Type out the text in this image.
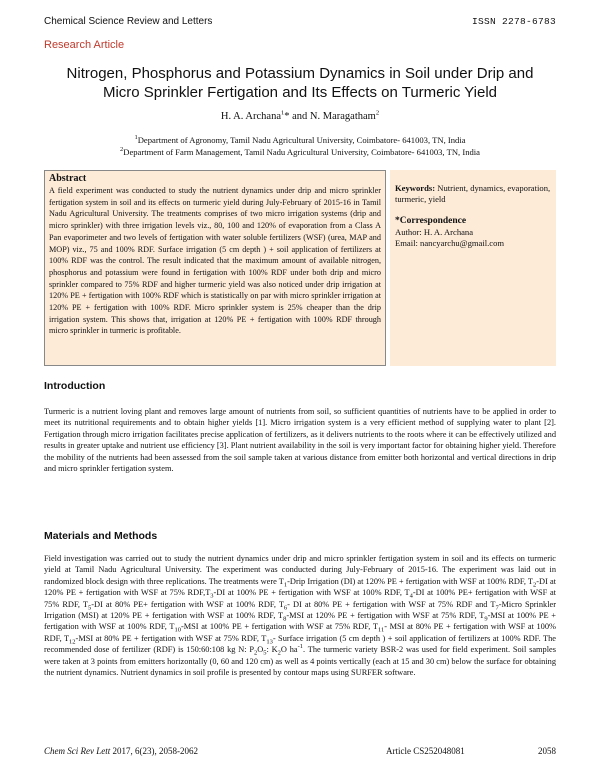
Chemical Science Review and Letters	ISSN 2278-6783
Research Article
Nitrogen, Phosphorus and Potassium Dynamics in Soil under Drip and
Micro Sprinkler Fertigation and Its Effects on Turmeric Yield
H. A. Archana$^1$* and N. Maragatham$^2$
$^1$Department of Agronomy, Tamil Nadu Agricultural University, Coimbatore- 641003, TN, India
$^2$Department of Farm Management, Tamil Nadu Agricultural University, Coimbatore- 641003, TN, India
Abstract

A field experiment was conducted to study the nutrient dynamics under drip and micro sprinkler fertigation system in soil and its effects on turmeric yield during July-February of 2015-16 in Tamil Nadu Agricultural University. The treatments comprises of two micro irrigation systems (drip and micro sprinkler) with three irrigation levels viz., 80, 100 and 120% of evaporation from a Class A Pan evaporimeter and two levels of fertigation with water soluble fertilizers (WSF) (urea, MAP and MOP) viz., 75 and 100% RDF. Surface irrigation (5 cm depth ) + soil application of fertilizers at 100% RDF was the control. The result indicated that the maximum amount of available nitrogen, phosphorus and potassium were found in fertigation with 100% RDF under both drip and micro sprinkler compared to 75% RDF and higher turmeric yield was also noticed under drip irrigation at 120% PE + fertigation with 100% RDF which is statistically on par with micro sprinkler irrigation at 120% PE + fertigation with 100% RDF. Micro sprinkler system is 25% cheaper than the drip irrigation system. This shows that, irrigation at 120% PE + fertigation with 100% RDF through micro sprinkler in turmeric is profitable.

Keywords: Nutrient, dynamics, evaporation, turmeric, yield
*Correspondence
Author: H. A. Archana
Email: nancyarchu@gmail.com
Introduction

Turmeric is a nutrient loving plant and removes large amount of nutrients from soil, so sufficient quantities of nutrients have to be applied in order to meet its nutritional requirements and to obtain higher yields [1]. Micro irrigation system is a very efficient method of supplying water to plant [2]. Fertigation through micro irrigation facilitates precise application of fertilizers, as it delivers nutrients to the roots where it can be effectively utilized and results in greater uptake and nutrient use efficiency [3]. Plant nutrient availability in the soil is very important factor for obtaining higher yield. Therefore the mobility of the nutrients had been assessed from the soil sample taken at various distance from emitter both horizontal and vertical directions in drip and micro sprinkler fertigation system.

Materials and Methods

Field investigation was carried out to study the nutrient dynamics under drip and micro sprinkler fertigation system in soil and its effects on turmeric yield at Tamil Nadu Agricultural University. The experiment was conducted during July-February of 2015-16. The experiment was laid out in randomized block design with three replications. The treatments were $T_1$-Drip Irrigation (DI) at 120% PE + fertigation with WSF at 100% RDF, $T_2-DI$ at 120% PE + fertigation with WSF at 75% $RDF,T_3-DI$ at 100% PE + fertigation with WSF at 100% RDF, $T_4-DI$ at 100% PE+ fertigation with WSF at 75% RDF, $T_5-DI$ at 80% PE+ fertigation with WSF at 100% RDF, $T_6-$ DI at 80% PE + fertigation with WSF at 75% RDF and $T_7$-Micro Sprinkler Irrigation (MSI) at 120% PE + fertigation with WSF at 100% RDF, $T_8$-MSI at 120% PE + fertigation with WSF at 75% RDF, $T_9$-MSI at 100% PE + fertigation with WSF at 100% RDF, $T_{10}$-MSI at 100% PE + fertigation with WSF at 75% RDF, $T_{11}-$ MSI at 80% PE + fertigation with WSF at 100% RDF, $T_{12}$-MSI at 80% PE + fertigation with WSF at 75% RDF, $T_{13}-$ Surface irrigation (5 cm depth ) + soil application of fertilizers at 100% RDF. The recommended dose of fertilizer (RDF) is 150:60:108 kg N: $P_2O_5$: $K_2O$ $ha^{-1}$. The turmeric variety BSR-2 was used for field experiment. Soil samples were taken at 3 points from emitters horizontally (0, 60 and 120 cm) as well as 4 points vertically (each at 15 and 30 cm) below the surface for obtaining the nutrient dynamics. Nutrient dynamics in soil profile is presented by contour maps using SURFER software.

Chem Sci Rev Lett 2017, 6(23), 2058-2062	Article CS252048081	2058
